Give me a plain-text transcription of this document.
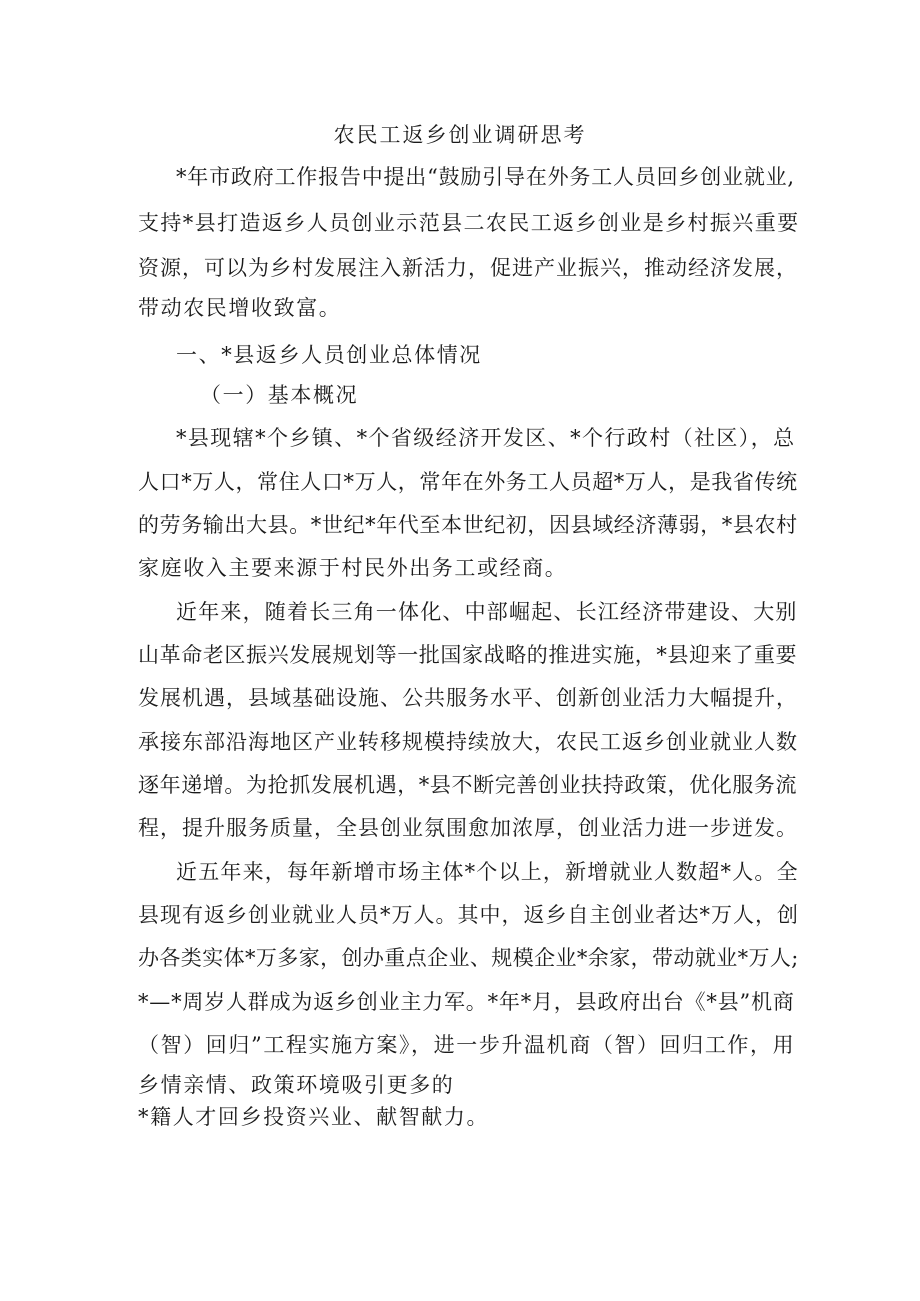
农民工返乡创业调研思考
*年市政府工作报告中提出“鼓励引导在外务工人员回乡创业就业,
支持*县打造返乡人员创业示范县二农民工返乡创业是乡村振兴重要
资源，可以为乡村发展注入新活力，促进产业振兴，推动经济发展，
带动农民增收致富。
一、*县返乡人员创业总体情况
（一）基本概况
*县现辖*个乡镇、*个省级经济开发区、*个行政村（社区），总
人口*万人，常住人口*万人，常年在外务工人员超*万人，是我省传统
的劳务输出大县。*世纪*年代至本世纪初，因县域经济薄弱，*县农村
家庭收入主要来源于村民外出务工或经商。
近年来，随着长三角一体化、中部崛起、长江经济带建设、大别
山革命老区振兴发展规划等一批国家战略的推进实施，*县迎来了重要
发展机遇，县域基础设施、公共服务水平、创新创业活力大幅提升，
承接东部沿海地区产业转移规模持续放大，农民工返乡创业就业人数
逐年递增。为抢抓发展机遇，*县不断完善创业扶持政策，优化服务流
程，提升服务质量，全县创业氛围愈加浓厚，创业活力进一步迸发。
近五年来，每年新增市场主体*个以上，新增就业人数超*人。全
县现有返乡创业就业人员*万人。其中，返乡自主创业者达*万人，创
办各类实体*万多家，创办重点企业、规模企业*余家，带动就业*万人;
*—*周岁人群成为返乡创业主力军。*年*月，县政府出台《*县”机商
（智）回归”工程实施方案》，进一步升温机商（智）回归工作，用
乡情亲情、政策环境吸引更多的
*籍人才回乡投资兴业、献智献力。
